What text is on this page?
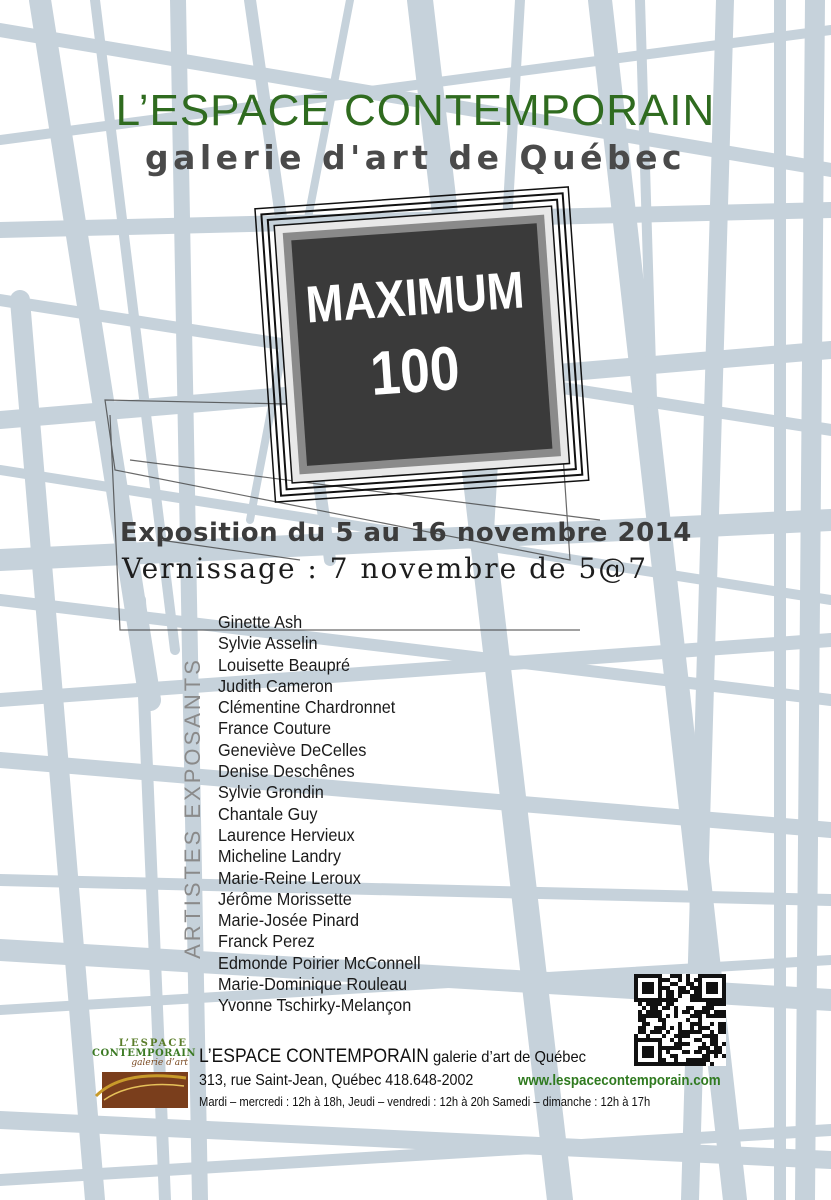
L’ESPACE CONTEMPORAIN
galerie d'art de Québec
MAXIMUM
100
Exposition du 5 au 16 novembre 2014
Vernissage : 7 novembre de 5@7
ARTISTES EXPOSANTS
Ginette Ash
Sylvie Asselin
Louisette Beaupré
Judith Cameron
Clémentine Chardronnet
France Couture
Geneviève DeCelles
Denise Deschênes
Sylvie Grondin
Chantale Guy
Laurence Hervieux
Micheline Landry
Marie-Reine Leroux
Jérôme Morissette
Marie-Josée Pinard
Franck Perez
Edmonde Poirier McConnell
Marie-Dominique Rouleau
Yvonne Tschirky-Melançon
L’ESPACE
CONTEMPORAIN
galerie d’art L’ESPACE CONTEMPORAIN galerie d’art de Québec
313, rue Saint-Jean, Québec 418.648-2002	www.lespacecontemporain.com
Mardi – mercredi : 12h à 18h, Jeudi – vendredi : 12h à 20h Samedi – dimanche : 12h à 17h
